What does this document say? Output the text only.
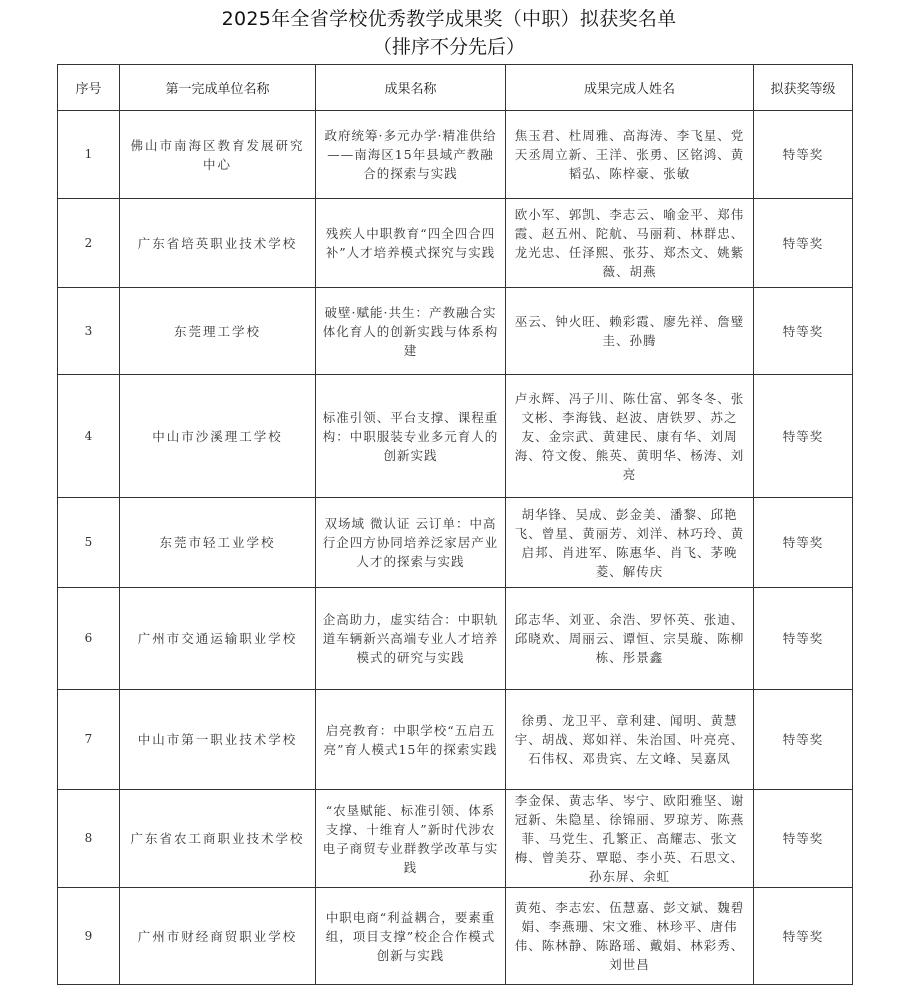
2025年全省学校优秀教学成果奖（中职）拟获奖名单
（排序不分先后）
序号	第一完成单位名称	成果名称	成果完成人姓名	拟获奖等级
1	佛山市南海区教育发展研究中心	政府统筹·多元办学·精准供给——南海区15年县域产教融合的探索与实践	焦玉君、杜周雅、高海涛、李飞星、党天丞周立新、王洋、张勇、区铭鸿、黄韬弘、陈梓豪、张敏	特等奖
2	广东省培英职业技术学校	残疾人中职教育“四全四合四补”人才培养模式探究与实践	欧小军、郭凯、李志云、喻金平、郑伟霞、赵五州、陀航、马丽莉、林群忠、龙光忠、任泽熙、张芬、郑杰文、姚紫薇、胡燕	特等奖
3	东莞理工学校	破壁·赋能·共生：产教融合实体化育人的创新实践与体系构建	巫云、钟火旺、赖彩霞、廖先祥、詹璧圭、孙腾	特等奖
4	中山市沙溪理工学校	标准引领、平台支撑、课程重构：中职服装专业多元育人的创新实践	卢永辉、冯子川、陈仕富、郭冬冬、张文彬、李海钱、赵波、唐铁罗、苏之友、金宗武、黄建民、康有华、刘周海、符文俊、熊英、黄明华、杨涛、刘亮	特等奖
5	东莞市轻工业学校	双场域 微认证 云订单：中高行企四方协同培养泛家居产业人才的探索与实践	胡华锋、吴成、彭金美、潘黎、邱艳飞、曾星、黄丽芳、刘洋、林巧玲、黄启邦、肖进军、陈惠华、肖飞、茅晚菱、解传庆	特等奖
6	广州市交通运输职业学校	企高助力，虚实结合：中职轨道车辆新兴高端专业人才培养模式的研究与实践	邱志华、刘亚、余浩、罗怀英、张迪、邱晓欢、周丽云、谭恒、宗昊璇、陈柳栋、彤景鑫	特等奖
7	中山市第一职业技术学校	启亮教育：中职学校“五启五亮”育人模式15年的探索实践	徐勇、龙卫平、章利建、闻明、黄慧宇、胡战、郑如祥、朱治国、叶亮亮、石伟权、邓贵宾、左文峰、吴嘉凤	特等奖
8	广东省农工商职业技术学校	“农垦赋能、标准引领、体系支撑、十维育人”新时代涉农电子商贸专业群教学改革与实践	李金保、黄志华、岑宁、欧阳雅坚、谢冠新、朱隐星、徐锦丽、罗琼芳、陈燕菲、马党生、孔繁正、高耀志、张文梅、曾美芬、覃聪、李小英、石思文、孙东屏、余虹	特等奖
9	广州市财经商贸职业学校	中职电商“利益耦合，要素重组，项目支撑”校企合作模式创新与实践	黄苑、李志宏、伍慧嘉、彭文斌、魏碧娟、李燕珊、宋文雅、林珍平、唐伟伟、陈林静、陈路瑶、戴娟、林彩秀、刘世昌	特等奖
